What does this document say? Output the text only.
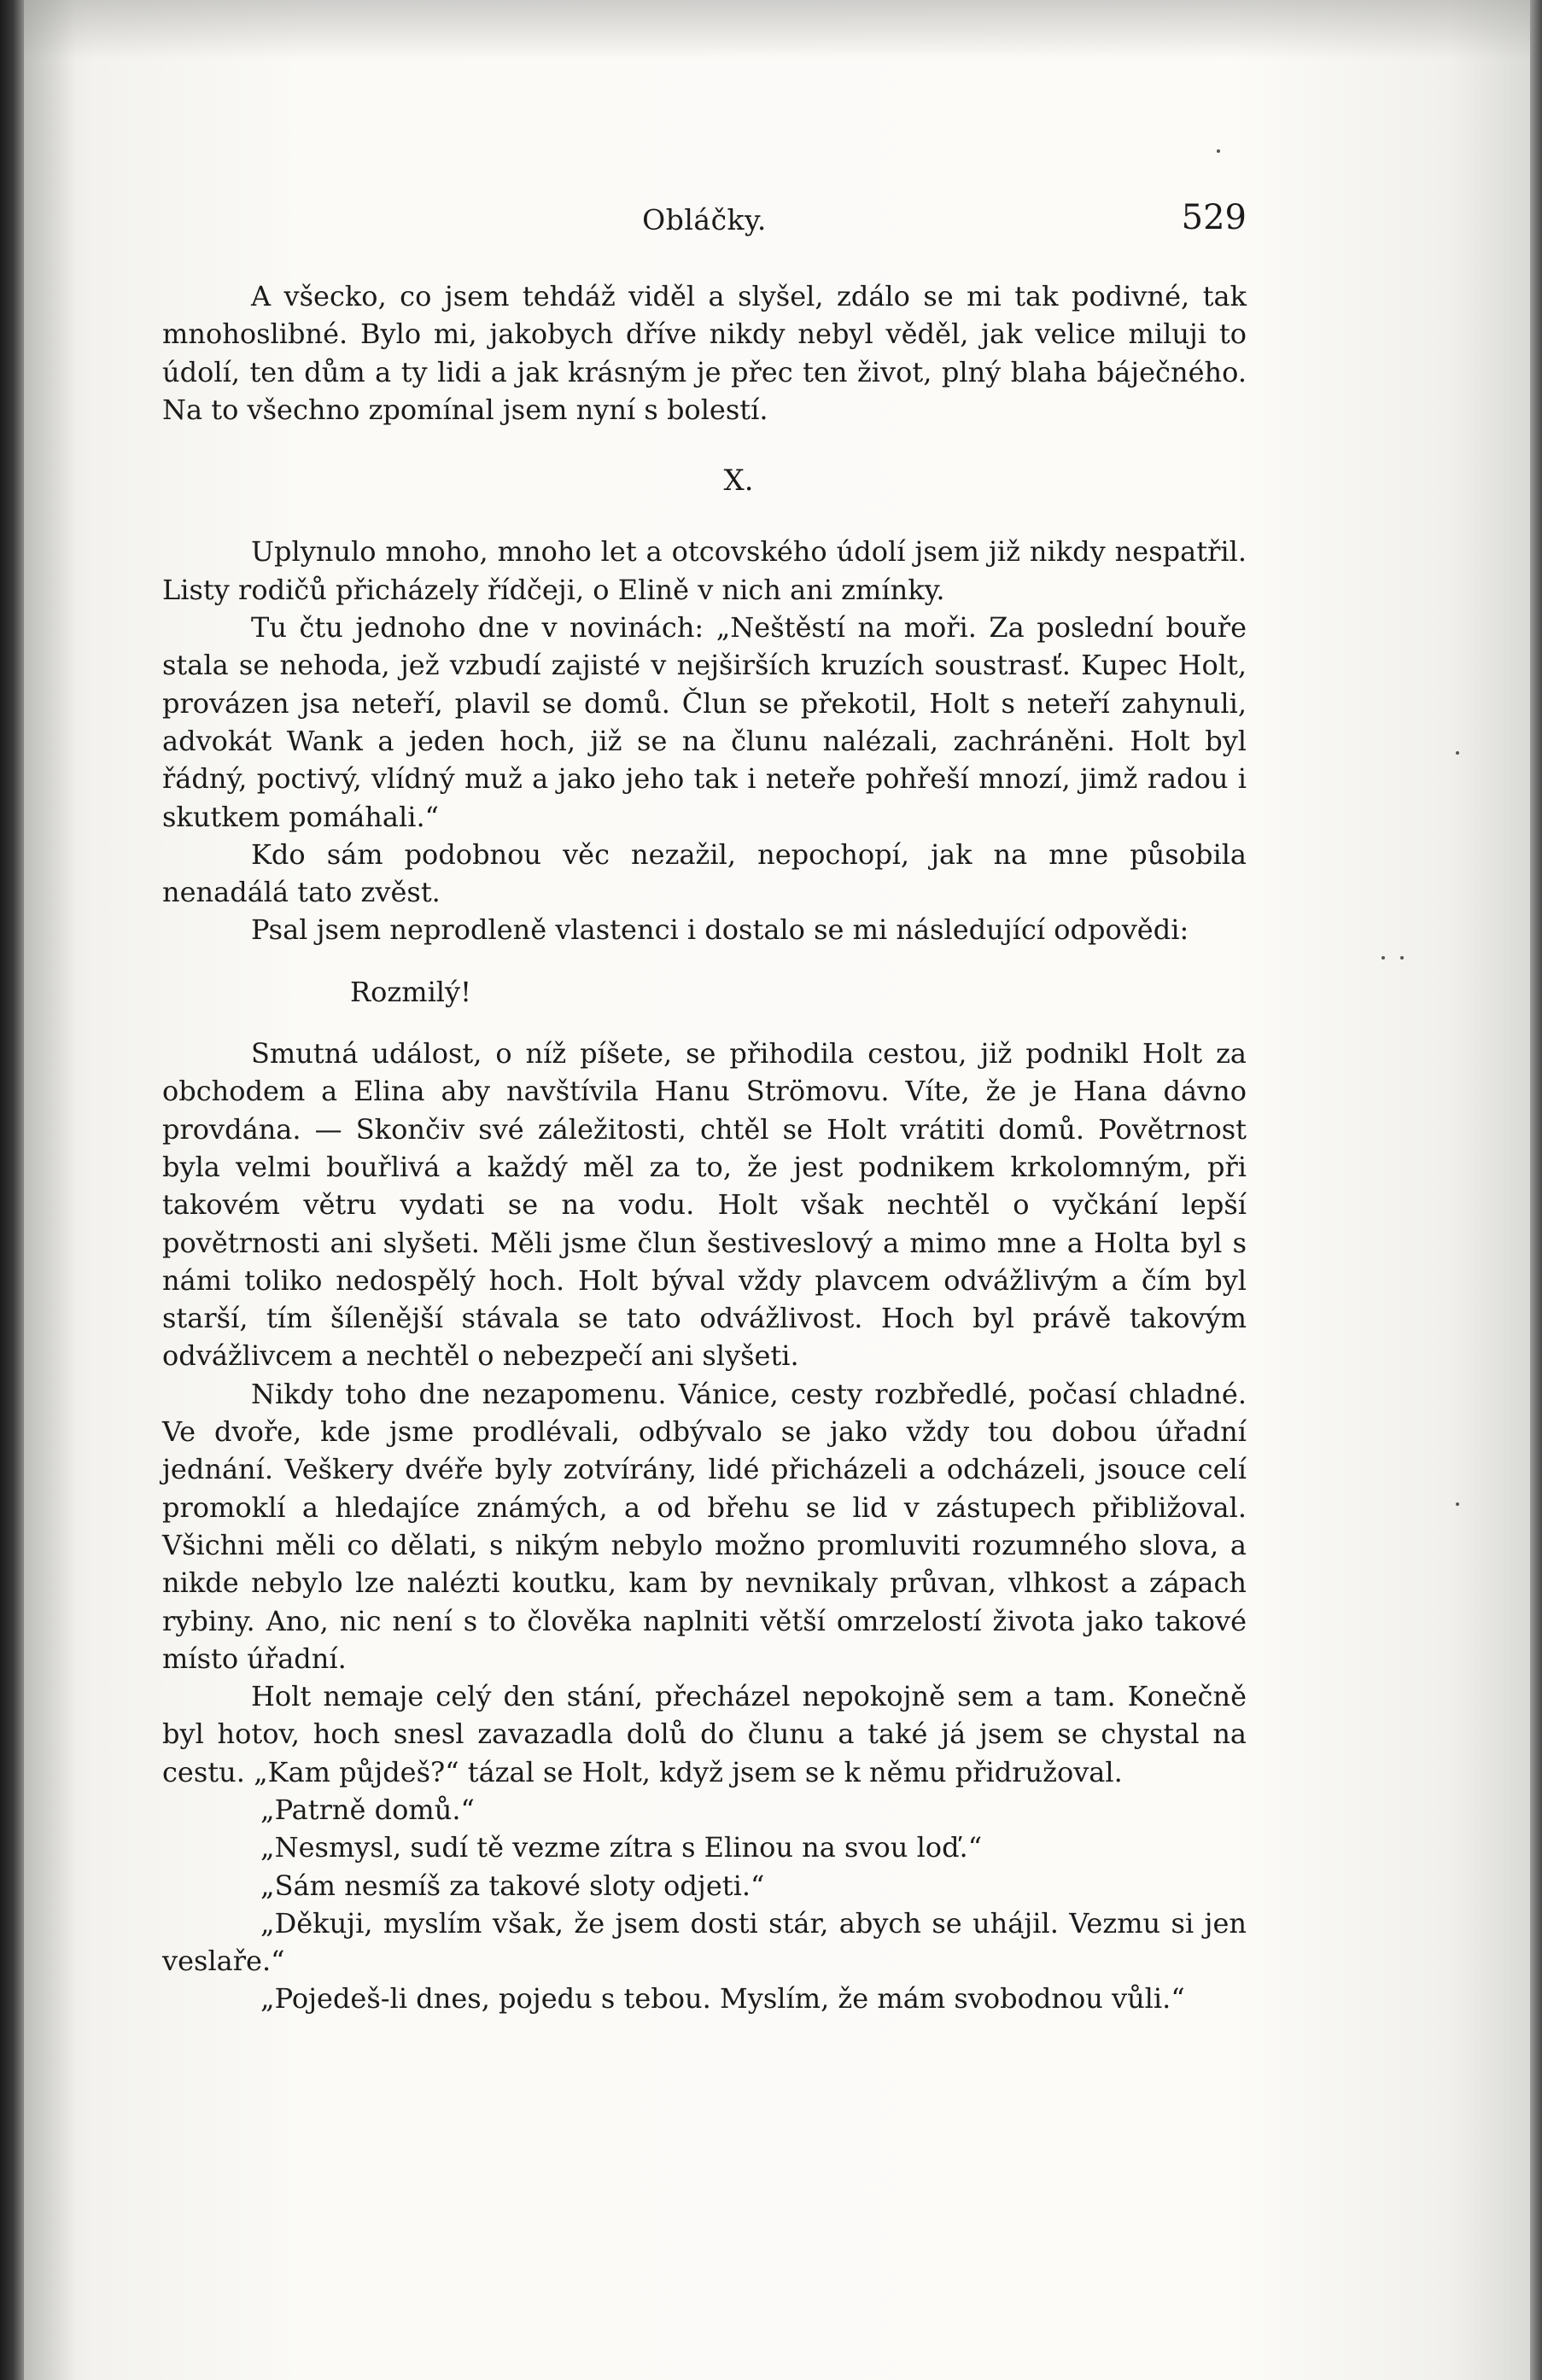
Obláčky.	529

A všecko, co jsem tehdáž viděl a slyšel, zdálo se mi tak podivné, tak mnohoslibné. Bylo mi, jakobych dříve nikdy nebyl věděl, jak velice miluji to údolí, ten dům a ty lidi a jak krásným je přec ten život, plný blaha báječného. Na to všechno zpomínal jsem nyní s bolestí.

X.

Uplynulo mnoho, mnoho let a otcovského údolí jsem již nikdy nespatřil. Listy rodičů přicházely řídčeji, o Elině v nich ani zmínky.

Tu čtu jednoho dne v novinách: „Neštěstí na moři. Za poslední bouře stala se nehoda, jež vzbudí zajisté v nejširších kruzích soustrasť. Kupec Holt, provázen jsa neteří, plavil se domů. Člun se překotil, Holt s neteří zahynuli, advokát Wank a jeden hoch, již se na člunu nalézali, zachráněni. Holt byl řádný, poctivý, vlídný muž a jako jeho tak i neteře pohřeší mnozí, jimž radou i skutkem pomáhali.“

Kdo sám podobnou věc nezažil, nepochopí, jak na mne působila nenadálá tato zvěst.

Psal jsem neprodleně vlastenci i dostalo se mi následující odpovědi:

Rozmilý!

Smutná událost, o níž píšete, se přihodila cestou, již podnikl Holt za obchodem a Elina aby navštívila Hanu Strömovu. Víte, že je Hana dávno provdána. — Skončiv své záležitosti, chtěl se Holt vrátiti domů. Povětrnost byla velmi bouřlivá a každý měl za to, že jest podnikem krkolomným, při takovém větru vydati se na vodu. Holt však nechtěl o vyčkání lepší povětrnosti ani slyšeti. Měli jsme člun šestiveslový a mimo mne a Holta byl s námi toliko nedospělý hoch. Holt býval vždy plavcem odvážlivým a čím byl starší, tím šílenější stávala se tato odvážlivost. Hoch byl právě takovým odvážlivcem a nechtěl o nebezpečí ani slyšeti.

Nikdy toho dne nezapomenu. Vánice, cesty rozbředlé, počasí chladné. Ve dvoře, kde jsme prodlévali, odbývalo se jako vždy tou dobou úřadní jednání. Veškery dvéře byly zotvírány, lidé přicházeli a odcházeli, jsouce celí promoklí a hledajíce známých, a od břehu se lid v zástupech přibližoval. Všichni měli co dělati, s nikým nebylo možno promluviti rozumného slova, a nikde nebylo lze nalézti koutku, kam by nevnikaly průvan, vlhkost a zápach rybiny. Ano, nic není s to člověka naplniti větší omrzelostí života jako takové místo úřadní.

Holt nemaje celý den stání, přecházel nepokojně sem a tam. Konečně byl hotov, hoch snesl zavazadla dolů do člunu a také já jsem se chystal na cestu. „Kam půjdeš?“ tázal se Holt, když jsem se k němu přidružoval.

„Patrně domů.“

„Nesmysl, sudí tě vezme zítra s Elinou na svou loď.“

„Sám nesmíš za takové sloty odjeti.“

„Děkuji, myslím však, že jsem dosti stár, abych se uhájil. Vezmu si jen veslaře.“

„Pojedeš-li dnes, pojedu s tebou. Myslím, že mám svobodnou vůli.“
